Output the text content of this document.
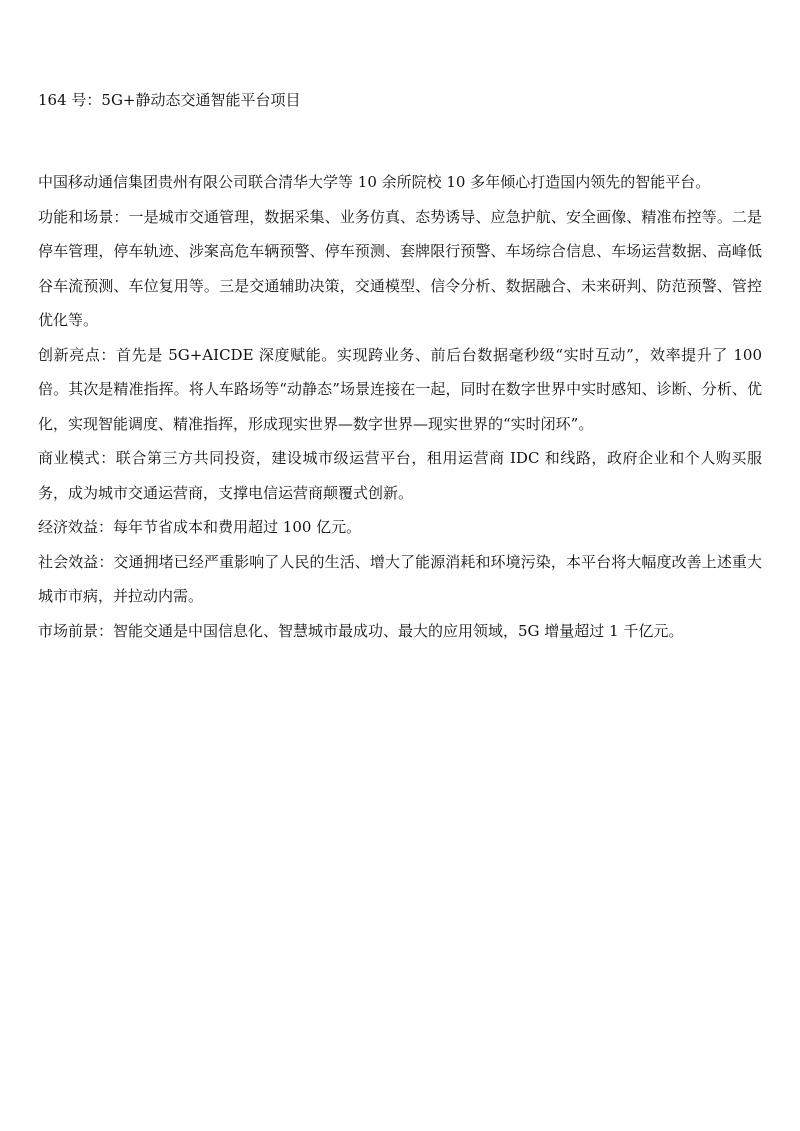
164 号：5G+静动态交通智能平台项目

中国移动通信集团贵州有限公司联合清华大学等 10 余所院校 10 多年倾心打造国内领先的智能平台。

功能和场景：一是城市交通管理，数据采集、业务仿真、态势诱导、应急护航、安全画像、精准布控等。二是停车管理，停车轨迹、涉案高危车辆预警、停车预测、套牌限行预警、车场综合信息、车场运营数据、高峰低谷车流预测、车位复用等。三是交通辅助决策，交通模型、信令分析、数据融合、未来研判、防范预警、管控优化等。

创新亮点：首先是 5G+AICDE 深度赋能。实现跨业务、前后台数据毫秒级“实时互动”，效率提升了 100 倍。其次是精准指挥。将人车路场等“动静态”场景连接在一起，同时在数字世界中实时感知、诊断、分析、优化，实现智能调度、精准指挥，形成现实世界—数字世界—现实世界的“实时闭环”。

商业模式：联合第三方共同投资，建设城市级运营平台，租用运营商 IDC 和线路，政府企业和个人购买服务，成为城市交通运营商，支撑电信运营商颠覆式创新。

经济效益：每年节省成本和费用超过 100 亿元。

社会效益：交通拥堵已经严重影响了人民的生活、增大了能源消耗和环境污染，本平台将大幅度改善上述重大城市市病，并拉动内需。

市场前景：智能交通是中国信息化、智慧城市最成功、最大的应用领域，5G 增量超过 1 千亿元。
